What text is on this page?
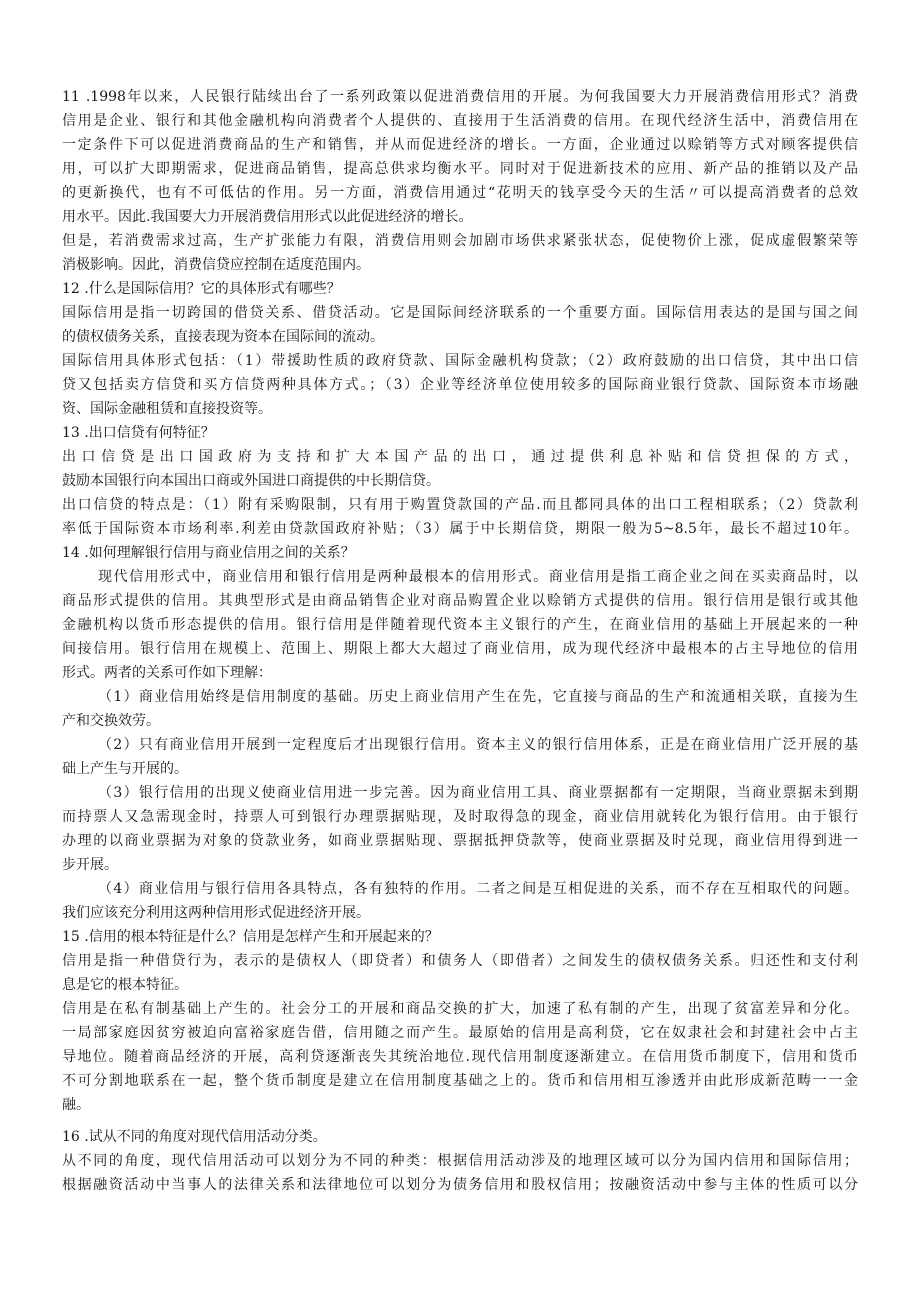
11 .1998年以来，人民银行陆续出台了一系列政策以促进消费信用的开展。为何我国要大力开展消费信用形式？消费
信用是企业、银行和其他金融机构向消费者个人提供的、直接用于生活消费的信用。在现代经济生活中，消费信用在
一定条件下可以促进消费商品的生产和销售，并从而促进经济的增长。一方面，企业通过以赊销等方式对顾客提供信
用，可以扩大即期需求，促进商品销售，提高总供求均衡水平。同时对于促进新技术的应用、新产品的推销以及产品
的更新换代，也有不可低估的作用。另一方面，消费信用通过“花明天的钱享受今天的生活〃可以提高消费者的总效
用水平。因此.我国要大力开展消费信用形式以此促进经济的增长。
但是，若消费需求过高，生产扩张能力有限，消费信用则会加剧市场供求紧张状态，促使物价上涨，促成虚假繁荣等
消极影响。因此，消费信贷应控制在适度范围内。
12 .什么是国际信用？它的具体形式有哪些？
国际信用是指一切跨国的借贷关系、借贷活动。它是国际间经济联系的一个重要方面。国际信用表达的是国与国之间
的债权债务关系，直接表现为资本在国际间的流动。
国际信用具体形式包括：（1）带援助性质的政府贷款、国际金融机构贷款；（2）政府鼓励的出口信贷，其中出口信
贷又包括卖方信贷和买方信贷两种具体方式。；（3）企业等经济单位使用较多的国际商业银行贷款、国际资本市场融
资、国际金融租赁和直接投资等。
13 .出口信贷有何特征？
出口信贷是出口国政府为支持和扩大本国产品的出口，通过提供利息补贴和信贷担保的方式，
鼓励本国银行向本国出口商或外国进口商提供的中长期信贷。
出口信贷的特点是：（1）附有采购限制，只有用于购置贷款国的产品.而且都同具体的出口工程相联系；（2）贷款利
率低于国际资本市场利率.利差由贷款国政府补贴；（3）属于中长期信贷，期限一般为5~8.5年，最长不超过10年。
14 .如何理解银行信用与商业信用之间的关系？
现代信用形式中，商业信用和银行信用是两种最根本的信用形式。商业信用是指工商企业之间在买卖商品时，以
商品形式提供的信用。其典型形式是由商品销售企业对商品购置企业以赊销方式提供的信用。银行信用是银行或其他
金融机构以货币形态提供的信用。银行信用是伴随着现代资本主义银行的产生，在商业信用的基础上开展起来的一种
间接信用。银行信用在规模上、范围上、期限上都大大超过了商业信用，成为现代经济中最根本的占主导地位的信用
形式。两者的关系可作如下理解：
（1）商业信用始终是信用制度的基础。历史上商业信用产生在先，它直接与商品的生产和流通相关联，直接为生
产和交换效劳。
（2）只有商业信用开展到一定程度后才出现银行信用。资本主义的银行信用体系，正是在商业信用广泛开展的基
础上产生与开展的。
（3）银行信用的出现义使商业信用进一步完善。因为商业信用工具、商业票据都有一定期限，当商业票据未到期
而持票人又急需现金时，持票人可到银行办理票据贴现，及时取得急的现金，商业信用就转化为银行信用。由于银行
办理的以商业票据为对象的贷款业务，如商业票据贴现、票据抵押贷款等，使商业票据及时兑现，商业信用得到进一
步开展。
（4）商业信用与银行信用各具特点，各有独特的作用。二者之间是互相促进的关系，而不存在互相取代的问题。
我们应该充分利用这两种信用形式促进经济开展。
15 .信用的根本特征是什么？信用是怎样产生和开展起来的？
信用是指一种借贷行为，表示的是债权人（即贷者）和债务人（即借者）之间发生的债权债务关系。归还性和支付利
息是它的根本特征。
信用是在私有制基础上产生的。社会分工的开展和商品交换的扩大，加速了私有制的产生，出现了贫富差异和分化。
一局部家庭因贫穷被迫向富裕家庭告借，信用随之而产生。最原始的信用是高利贷，它在奴隶社会和封建社会中占主
导地位。随着商品经济的开展，高利贷逐渐丧失其统治地位.现代信用制度逐渐建立。在信用货币制度下，信用和货币
不可分割地联系在一起，整个货币制度是建立在信用制度基础之上的。货币和信用相互渗透并由此形成新范畴一一金
融。
16 .试从不同的角度对现代信用活动分类。
从不同的角度，现代信用活动可以划分为不同的种类：根据信用活动涉及的地理区域可以分为国内信用和国际信用；
根据融资活动中当事人的法律关系和法律地位可以划分为债务信用和股权信用；按融资活动中参与主体的性质可以分
